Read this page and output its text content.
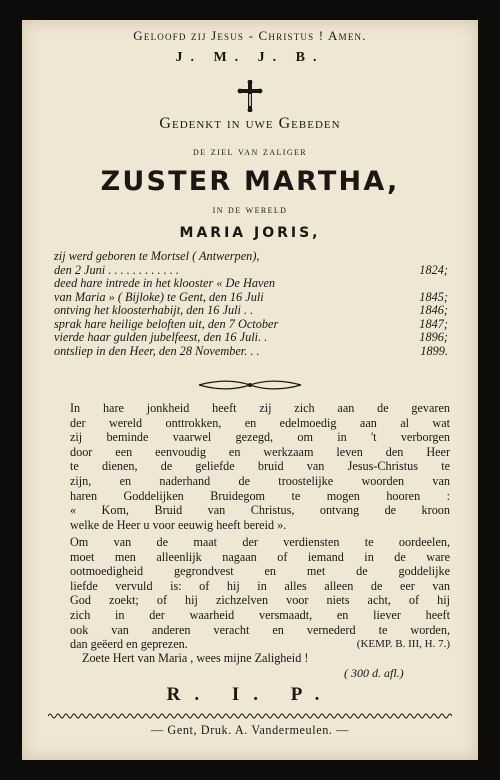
Geloofd zij Jesus - Christus ! Amen.
J. M. J. B.
Gedenkt in uwe Gebeden
de ziel van zaliger
ZUSTER MARTHA,
in de wereld
MARIA JORIS,
zij werd geboren te Mortsel ( Antwerpen),
den 2 Juni . . . . . . . . . . . .	1824;
deed hare intrede in het klooster « De Haven
van Maria » ( Bijloke) te Gent, den 16 Juli	1845;
ontving het kloosterhabijt, den 16 Juli . .	1846;
sprak hare heilige beloften uit, den 7 October	1847;
vierde haar gulden jubelfeest, den 16 Juli. .	1896;
ontsliep in den Heer, den 28 November. . .	1899.
In hare jonkheid heeft zij zich aan de gevaren
der wereld onttrokken, en edelmoedig aan al wat
zij beminde vaarwel gezegd, om in 't verborgen
door een eenvoudig en werkzaam leven den Heer
te dienen, de geliefde bruid van Jesus-Christus te
zijn, en naderhand de troostelijke woorden van
haren Goddelijken Bruidegom te mogen hooren :
« Kom, Bruid van Christus, ontvang de kroon
welke de Heer u voor eeuwig heeft bereid ».
Om van de maat der verdiensten te oordeelen,
moet men alleenlijk nagaan of iemand in de ware
ootmoedigheid gegrondvest en met de goddelijke
liefde vervuld is: of hij in alles alleen de eer van
God zoekt; of hij zichzelven voor niets acht, of hij
zich in der waarheid versmaadt, en liever heeft
ook van anderen veracht en vernederd te worden,
dan geëerd en geprezen.	(KEMP. B. III, H. 7.)
Zoete Hert van Maria , wees mijne Zaligheid !
( 300 d. afl.)
R. I. P.
— Gent, Druk. A. Vandermeulen. —
